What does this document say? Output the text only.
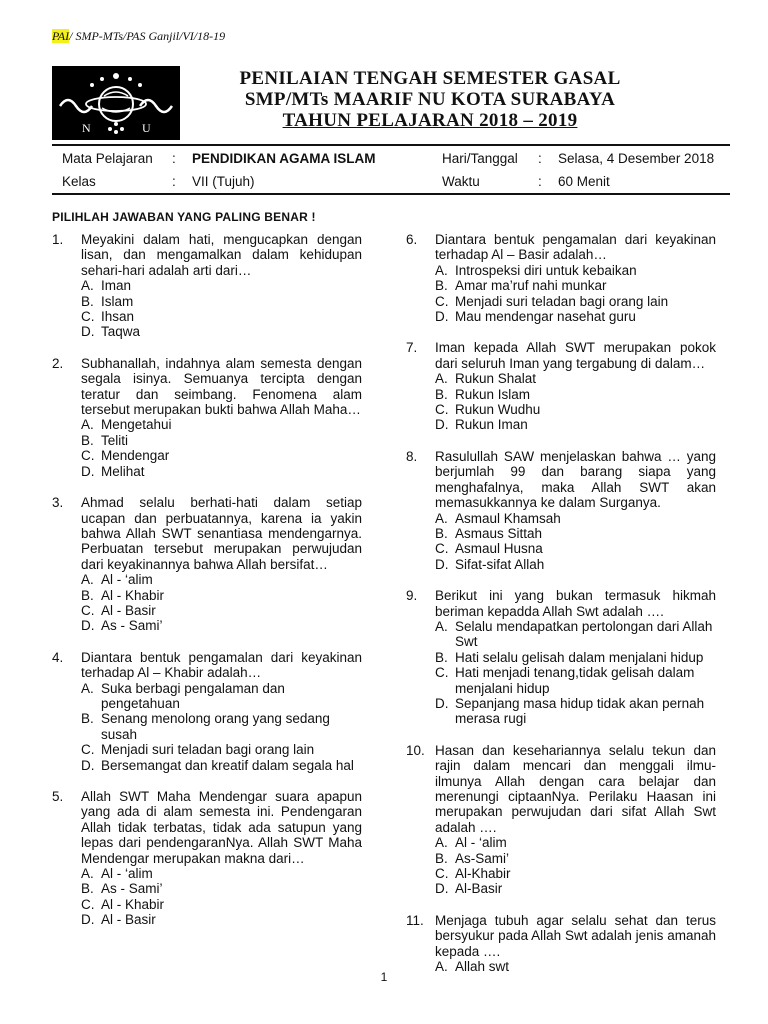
PAI/ SMP-MTs/PAS Ganjil/VI/18-19
N	U
PENILAIAN TENGAH SEMESTER GASAL
SMP/MTs MAARIF NU KOTA SURABAYA
TAHUN PELAJARAN 2018 – 2019
Mata Pelajaran : PENDIDIKAN AGAMA ISLAM
Kelas	: VII (Tujuh)
Hari/Tanggal : Selasa, 4 Desember 2018
Waktu	: 60 Menit
PILIHLAH JAWABAN YANG PALING BENAR !
1. Meyakini dalam hati, mengucapkan dengan lisan, dan mengamalkan dalam kehidupan sehari-hari adalah arti dari…
A. Iman
B. Islam
C. Ihsan
D. Taqwa
2. Subhanallah, indahnya alam semesta dengan segala isinya. Semuanya tercipta dengan teratur dan seimbang. Fenomena alam tersebut merupakan bukti bahwa Allah Maha…
A. Mengetahui
B. Teliti
C. Mendengar
D. Melihat
3. Ahmad selalu berhati-hati dalam setiap ucapan dan perbuatannya, karena ia yakin bahwa Allah SWT senantiasa mendengarnya. Perbuatan tersebut merupakan perwujudan dari keyakinannya bahwa Allah bersifat…
A. Al - ‘alim
B. Al - Khabir
C. Al - Basir
D. As - Sami’
4. Diantara bentuk pengamalan dari keyakinan terhadap Al – Khabir adalah…
A. Suka berbagi pengalaman dan pengetahuan
B. Senang menolong orang yang sedang susah
C. Menjadi suri teladan bagi orang lain
D. Bersemangat dan kreatif dalam segala hal
5. Allah SWT Maha Mendengar suara apapun yang ada di alam semesta ini. Pendengaran Allah tidak terbatas, tidak ada satupun yang lepas dari pendengaranNya. Allah SWT Maha Mendengar merupakan makna dari…
A. Al - ‘alim
B. As - Sami’
C. Al - Khabir
D. Al - Basir
6. Diantara bentuk pengamalan dari keyakinan terhadap Al – Basir adalah…
A. Introspeksi diri untuk kebaikan
B. Amar ma’ruf nahi munkar
C. Menjadi suri teladan bagi orang lain
D. Mau mendengar nasehat guru
7. Iman kepada Allah SWT merupakan pokok dari seluruh Iman yang tergabung di dalam…
A. Rukun Shalat
B. Rukun Islam
C. Rukun Wudhu
D. Rukun Iman
8. Rasulullah SAW menjelaskan bahwa … yang berjumlah 99 dan barang siapa yang menghafalnya, maka Allah SWT akan memasukkannya ke dalam Surganya.
A. Asmaul Khamsah
B. Asmaus Sittah
C. Asmaul Husna
D. Sifat-sifat Allah
9. Berikut ini yang bukan termasuk hikmah beriman kepadda Allah Swt adalah ….
A. Selalu mendapatkan pertolongan dari Allah Swt
B. Hati selalu gelisah dalam menjalani hidup
C. Hati menjadi tenang,tidak gelisah dalam menjalani hidup
D. Sepanjang masa hidup tidak akan pernah merasa rugi
10. Hasan dan kesehariannya selalu tekun dan rajin dalam mencari dan menggali ilmu-ilmunya Allah dengan cara belajar dan merenungi ciptaanNya. Perilaku Haasan ini merupakan perwujudan dari sifat Allah Swt adalah ….
A. Al - ‘alim
B. As-Sami’
C. Al-Khabir
D. Al-Basir
11. Menjaga tubuh agar selalu sehat dan terus bersyukur pada Allah Swt adalah jenis amanah kepada ….
A. Allah swt
1
